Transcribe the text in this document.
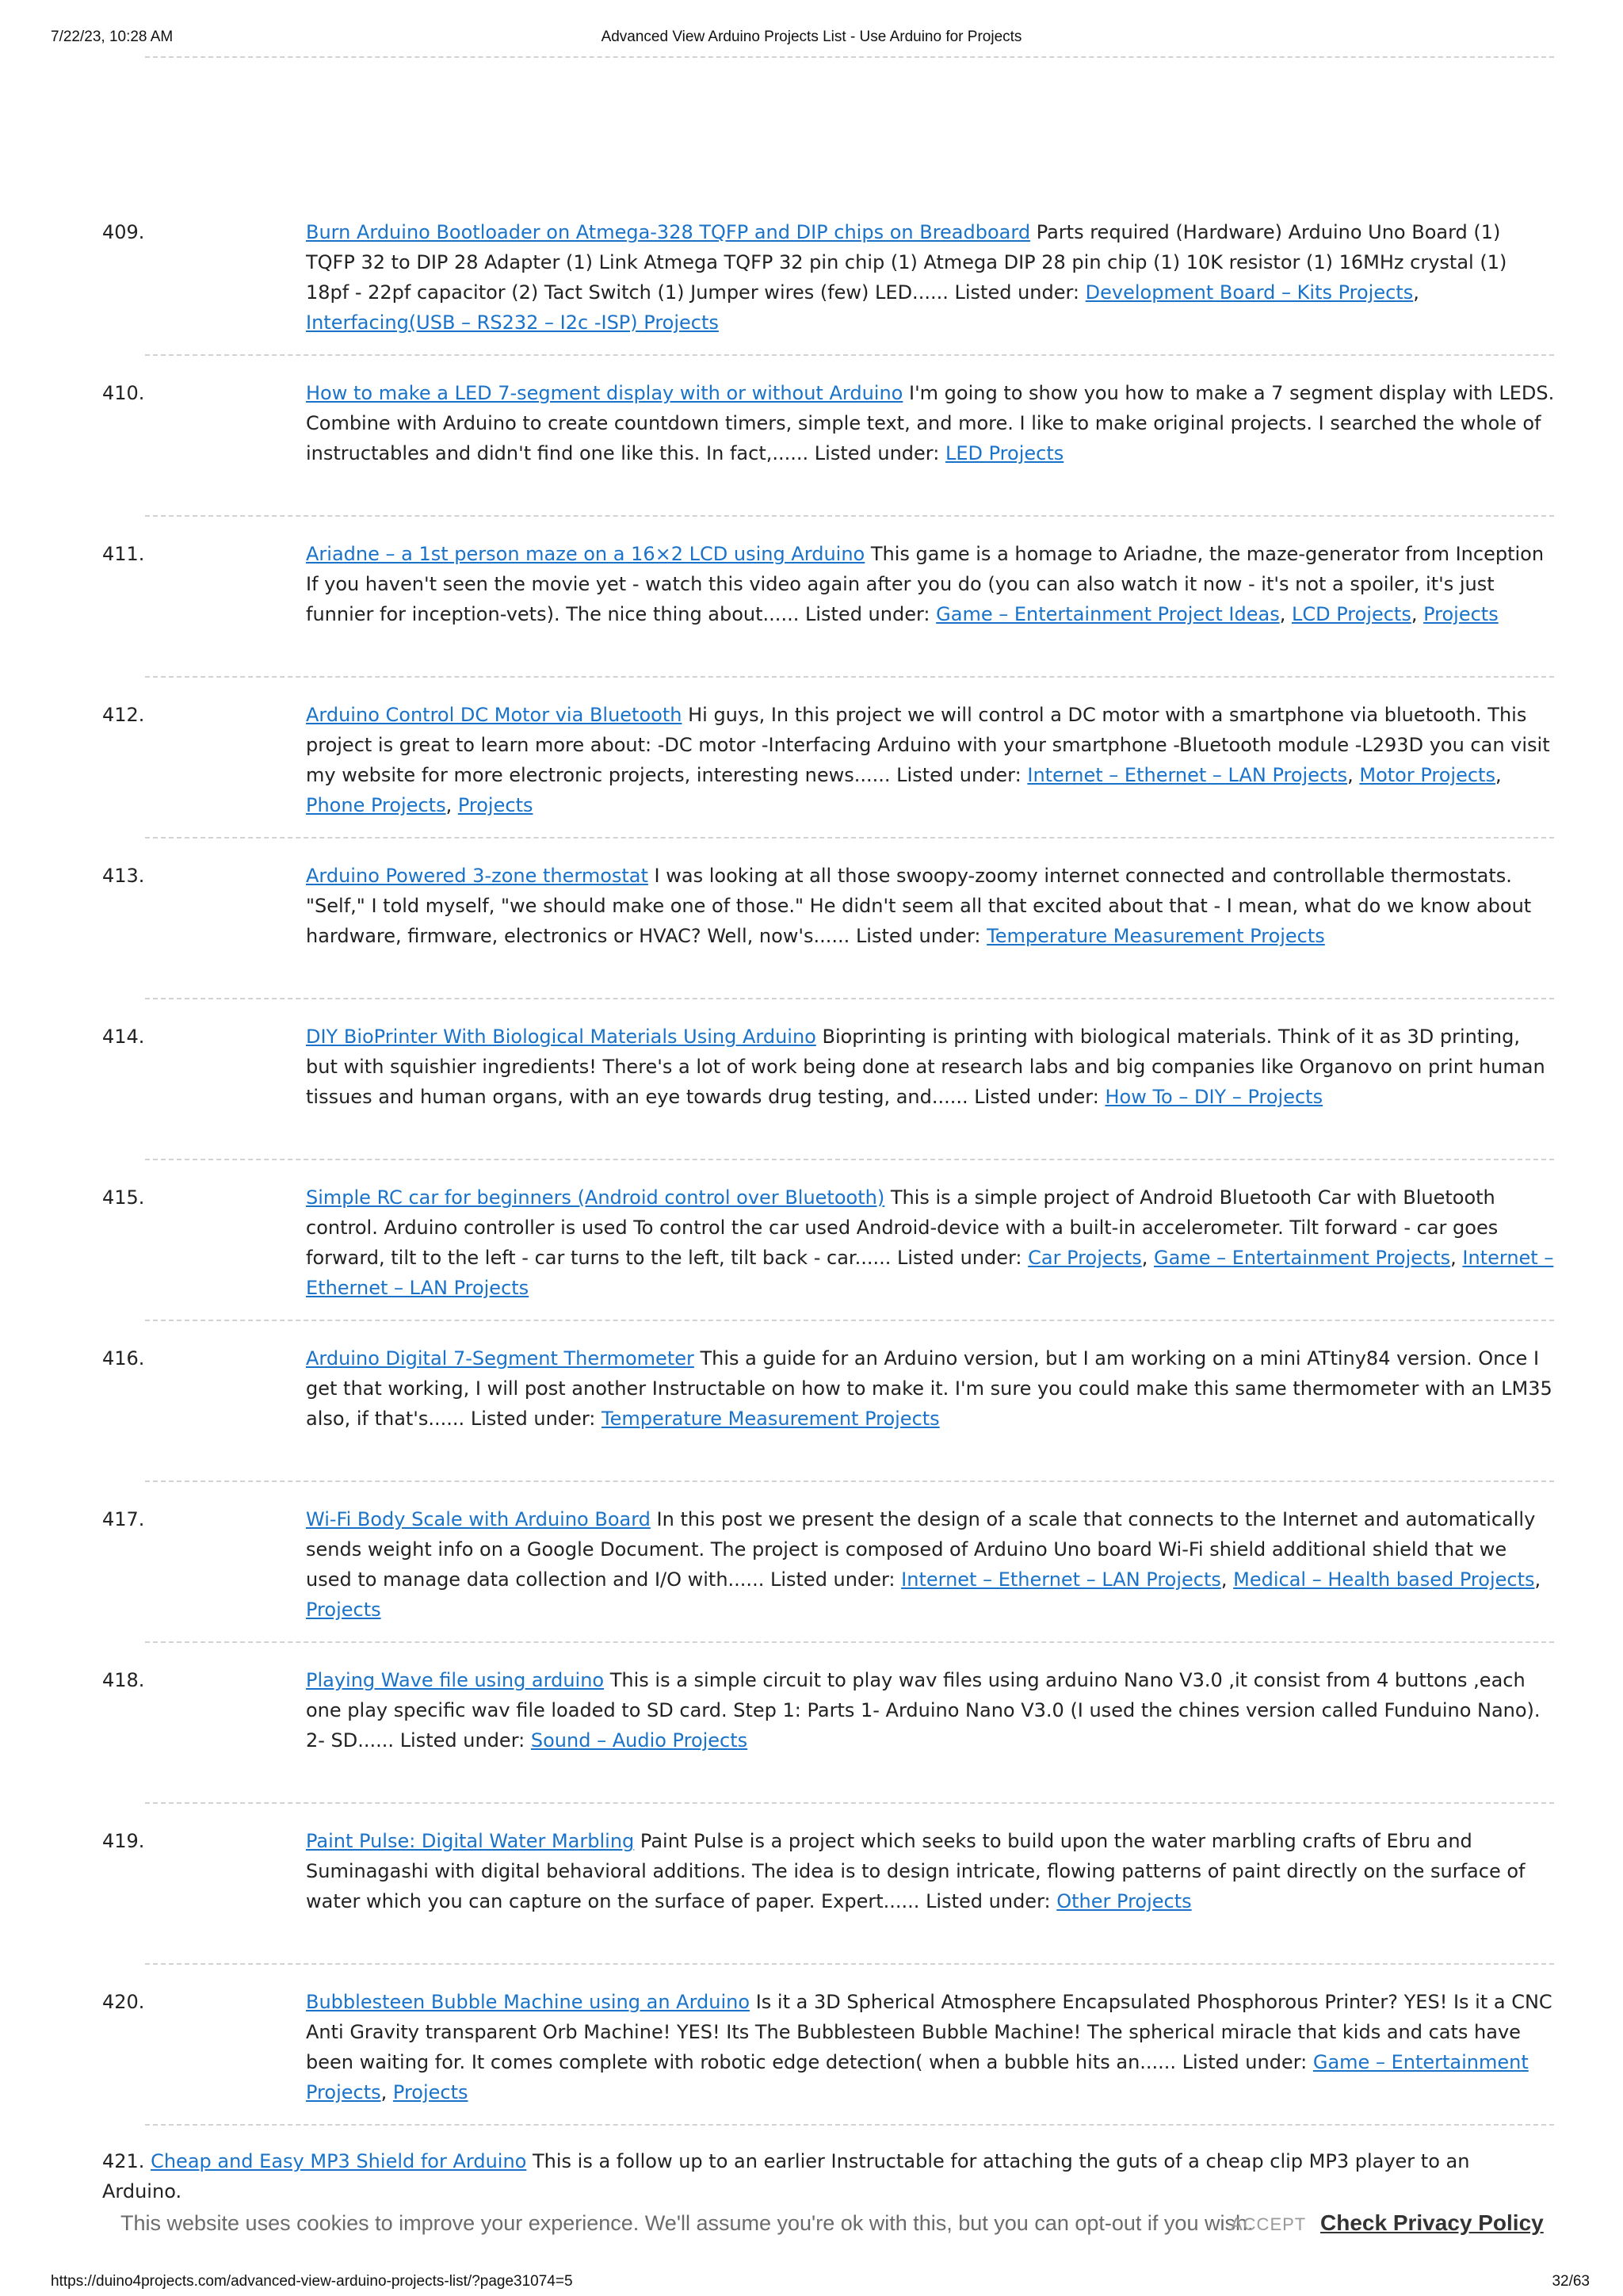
7/22/23, 10:28 AM	Advanced View Arduino Projects List - Use Arduino for Projects
409.	Burn Arduino Bootloader on Atmega-328 TQFP and DIP chips on Breadboard Parts required (Hardware) Arduino Uno Board (1) TQFP 32 to DIP 28 Adapter (1) Link Atmega TQFP 32 pin chip (1) Atmega DIP 28 pin chip (1) 10K resistor (1) 16MHz crystal (1) 18pf - 22pf capacitor (2) Tact Switch (1) Jumper wires (few) LED...... Listed under: Development Board – Kits Projects, Interfacing(USB – RS232 – I2c -ISP) Projects
410.	How to make a LED 7-segment display with or without Arduino I'm going to show you how to make a 7 segment display with LEDS. Combine with Arduino to create countdown timers, simple text, and more. I like to make original projects. I searched the whole of instructables and didn't find one like this. In fact,...... Listed under: LED Projects
411.	Ariadne – a 1st person maze on a 16×2 LCD using Arduino This game is a homage to Ariadne, the maze-generator from Inception If you haven't seen the movie yet - watch this video again after you do (you can also watch it now - it's not a spoiler, it's just funnier for inception-vets). The nice thing about...... Listed under: Game – Entertainment Project Ideas, LCD Projects, Projects
412.	Arduino Control DC Motor via Bluetooth Hi guys, In this project we will control a DC motor with a smartphone via bluetooth. This project is great to learn more about: -DC motor -Interfacing Arduino with your smartphone -Bluetooth module -L293D you can visit my website for more electronic projects, interesting news...... Listed under: Internet – Ethernet – LAN Projects, Motor Projects, Phone Projects, Projects
413.	Arduino Powered 3-zone thermostat I was looking at all those swoopy-zoomy internet connected and controllable thermostats. "Self," I told myself, "we should make one of those." He didn't seem all that excited about that - I mean, what do we know about hardware, firmware, electronics or HVAC? Well, now's...... Listed under: Temperature Measurement Projects
414.	DIY BioPrinter With Biological Materials Using Arduino Bioprinting is printing with biological materials. Think of it as 3D printing, but with squishier ingredients! There's a lot of work being done at research labs and big companies like Organovo on print human tissues and human organs, with an eye towards drug testing, and...... Listed under: How To – DIY – Projects
415.	Simple RC car for beginners (Android control over Bluetooth) This is a simple project of Android Bluetooth Car with Bluetooth control. Arduino controller is used To control the car used Android-device with a built-in accelerometer. Tilt forward - car goes forward, tilt to the left - car turns to the left, tilt back - car...... Listed under: Car Projects, Game – Entertainment Projects, Internet – Ethernet – LAN Projects
416.	Arduino Digital 7-Segment Thermometer This a guide for an Arduino version, but I am working on a mini ATtiny84 version. Once I get that working, I will post another Instructable on how to make it. I'm sure you could make this same thermometer with an LM35 also, if that's...... Listed under: Temperature Measurement Projects
417.	Wi-Fi Body Scale with Arduino Board In this post we present the design of a scale that connects to the Internet and automatically sends weight info on a Google Document. The project is composed of Arduino Uno board Wi-Fi shield additional shield that we used to manage data collection and I/O with...... Listed under: Internet – Ethernet – LAN Projects, Medical – Health based Projects, Projects
418.	Playing Wave file using arduino This is a simple circuit to play wav files using arduino Nano V3.0 ,it consist from 4 buttons ,each one play specific wav file loaded to SD card. Step 1: Parts 1- Arduino Nano V3.0 (I used the chines version called Funduino Nano). 2- SD...... Listed under: Sound – Audio Projects
419.	Paint Pulse: Digital Water Marbling Paint Pulse is a project which seeks to build upon the water marbling crafts of Ebru and Suminagashi with digital behavioral additions. The idea is to design intricate, flowing patterns of paint directly on the surface of water which you can capture on the surface of paper. Expert...... Listed under: Other Projects
420.	Bubblesteen Bubble Machine using an Arduino Is it a 3D Spherical Atmosphere Encapsulated Phosphorous Printer? YES! Is it a CNC Anti Gravity transparent Orb Machine! YES! Its The Bubblesteen Bubble Machine! The spherical miracle that kids and cats have been waiting for. It comes complete with robotic edge detection( when a bubble hits an...... Listed under: Game – Entertainment Projects, Projects
421. Cheap and Easy MP3 Shield for Arduino This is a follow up to an earlier Instructable for attaching the guts of a cheap clip MP3 player to an Arduino.
This website uses cookies to improve your experience. We'll assume you're ok with this, but you can opt-out if you wish.
ACCEPT Check Privacy Policy
https://duino4projects.com/advanced-view-arduino-projects-list/?page31074=5	32/63
